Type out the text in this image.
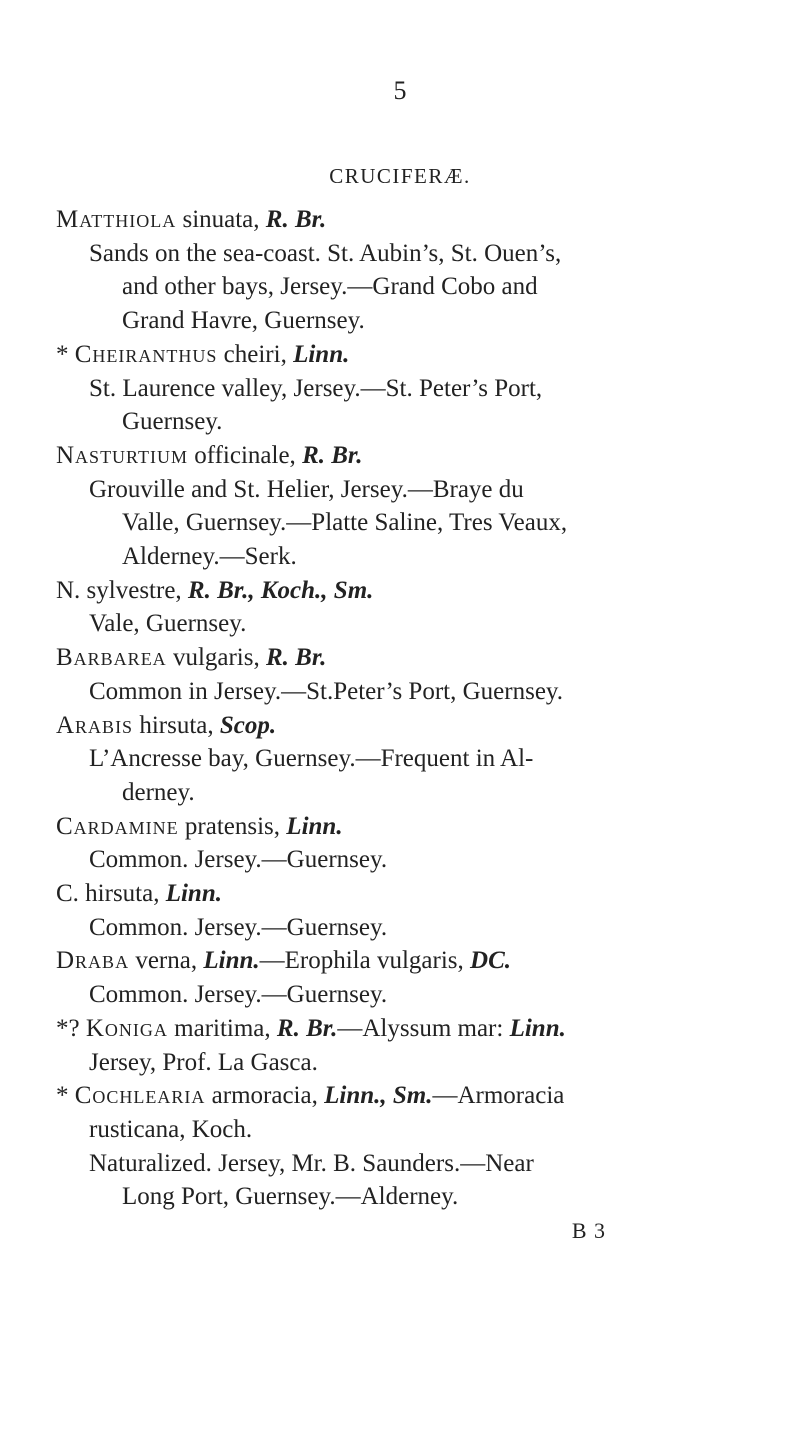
5
CRUCIFERÆ.
Matthiola sinuata, R. Br.
Sands on the sea-coast. St. Aubin’s, St. Ouen’s,
and other bays, Jersey.—Grand Cobo and
Grand Havre, Guernsey.
* Cheiranthus cheiri, Linn.
St. Laurence valley, Jersey.—St. Peter’s Port,
Guernsey.
Nasturtium officinale, R. Br.
Grouville and St. Helier, Jersey.—Braye du
Valle, Guernsey.—Platte Saline, Tres Veaux,
Alderney.—Serk.
N. sylvestre, R. Br., Koch., Sm.
Vale, Guernsey.
Barbarea vulgaris, R. Br.
Common in Jersey.—St.Peter’s Port, Guernsey.
Arabis hirsuta, Scop.
L’Ancresse bay, Guernsey.—Frequent in Al-
derney.
Cardamine pratensis, Linn.
Common. Jersey.—Guernsey.
C. hirsuta, Linn.
Common. Jersey.—Guernsey.
Draba verna, Linn.—Erophila vulgaris, DC.
Common. Jersey.—Guernsey.
*? Koniga maritima, R. Br.—Alyssum mar: Linn.
Jersey, Prof. La Gasca.
* Cochlearia armoracia, Linn., Sm.—Armoracia
rusticana, Koch.
Naturalized. Jersey, Mr. B. Saunders.—Near
Long Port, Guernsey.—Alderney.
B 3
